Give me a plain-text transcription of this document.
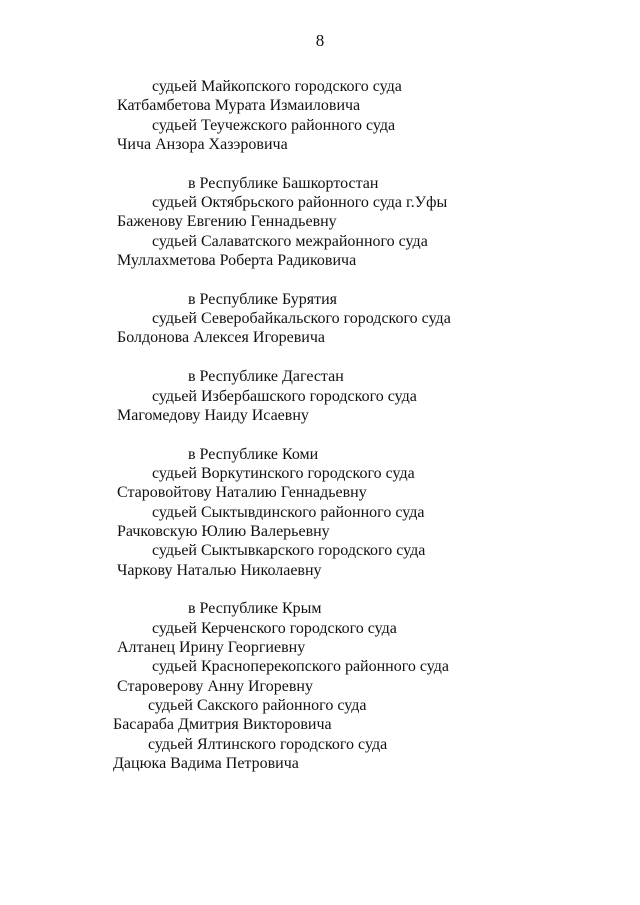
8
судьей Майкопского городского суда
Катбамбетова Мурата Измаиловича
судьей Теучежского районного суда
Чича Анзора Хазэровича
в Республике Башкортостан
судьей Октябрьского районного суда г.Уфы
Баженову Евгению Геннадьевну
судьей Салаватского межрайонного суда
Муллахметова Роберта Радиковича
в Республике Бурятия
судьей Северобайкальского городского суда
Болдонова Алексея Игоревича
в Республике Дагестан
судьей Избербашского городского суда
Магомедову Наиду Исаевну
в Республике Коми
судьей Воркутинского городского суда
Старовойтову Наталию Геннадьевну
судьей Сыктывдинского районного суда
Рачковскую Юлию Валерьевну
судьей Сыктывкарского городского суда
Чаркову Наталью Николаевну
в Республике Крым
судьей Керченского городского суда
Алтанец Ирину Георгиевну
судьей Красноперекопского районного суда
Староверову Анну Игоревну
судьей Сакского районного суда
Басараба Дмитрия Викторовича
судьей Ялтинского городского суда
Дацюка Вадима Петровича
